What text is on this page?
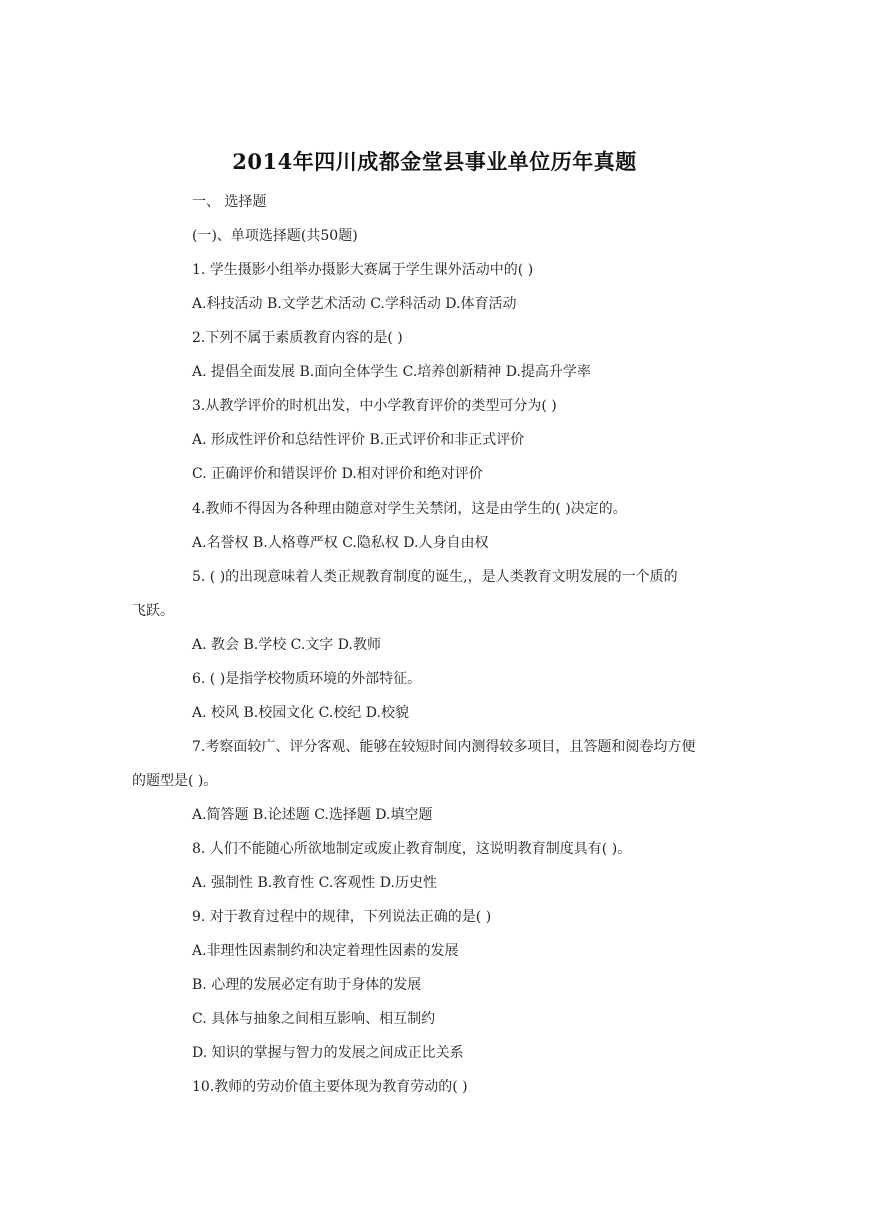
2014年四川成都金堂县事业单位历年真题
一、 选择题
(一)、单项选择题(共50题)
1. 学生摄影小组举办摄影大赛属于学生课外活动中的( )
A.科技活动 B.文学艺术活动 C.学科活动 D.体育活动
2.下列不属于素质教育内容的是( )
A. 提倡全面发展 B.面向全体学生 C.培养创新精神 D.提高升学率
3.从教学评价的时机出发，中小学教育评价的类型可分为( )
A. 形成性评价和总结性评价 B.正式评价和非正式评价
C. 正确评价和错误评价 D.相对评价和绝对评价
4.教师不得因为各种理由随意对学生关禁闭，这是由学生的( )决定的。
A.名誉权 B.人格尊严权 C.隐私权 D.人身自由权
5. ( )的出现意味着人类正规教育制度的诞生,，是人类教育文明发展的一个质的
飞跃。
A. 教会 B.学校 C.文字 D.教师
6. ( )是指学校物质环境的外部特征。
A. 校风 B.校园文化 C.校纪 D.校貌
7.考察面较广、评分客观、能够在较短时间内测得较多项目，且答题和阅卷均方便
的题型是( )。
A.简答题 B.论述题 C.选择题 D.填空题
8. 人们不能随心所欲地制定或废止教育制度，这说明教育制度具有( )。
A. 强制性 B.教育性 C.客观性 D.历史性
9. 对于教育过程中的规律，下列说法正确的是( )
A.非理性因素制约和决定着理性因素的发展
B. 心理的发展必定有助于身体的发展
C. 具体与抽象之间相互影响、相互制约
D. 知识的掌握与智力的发展之间成正比关系
10.教师的劳动价值主要体现为教育劳动的( )
